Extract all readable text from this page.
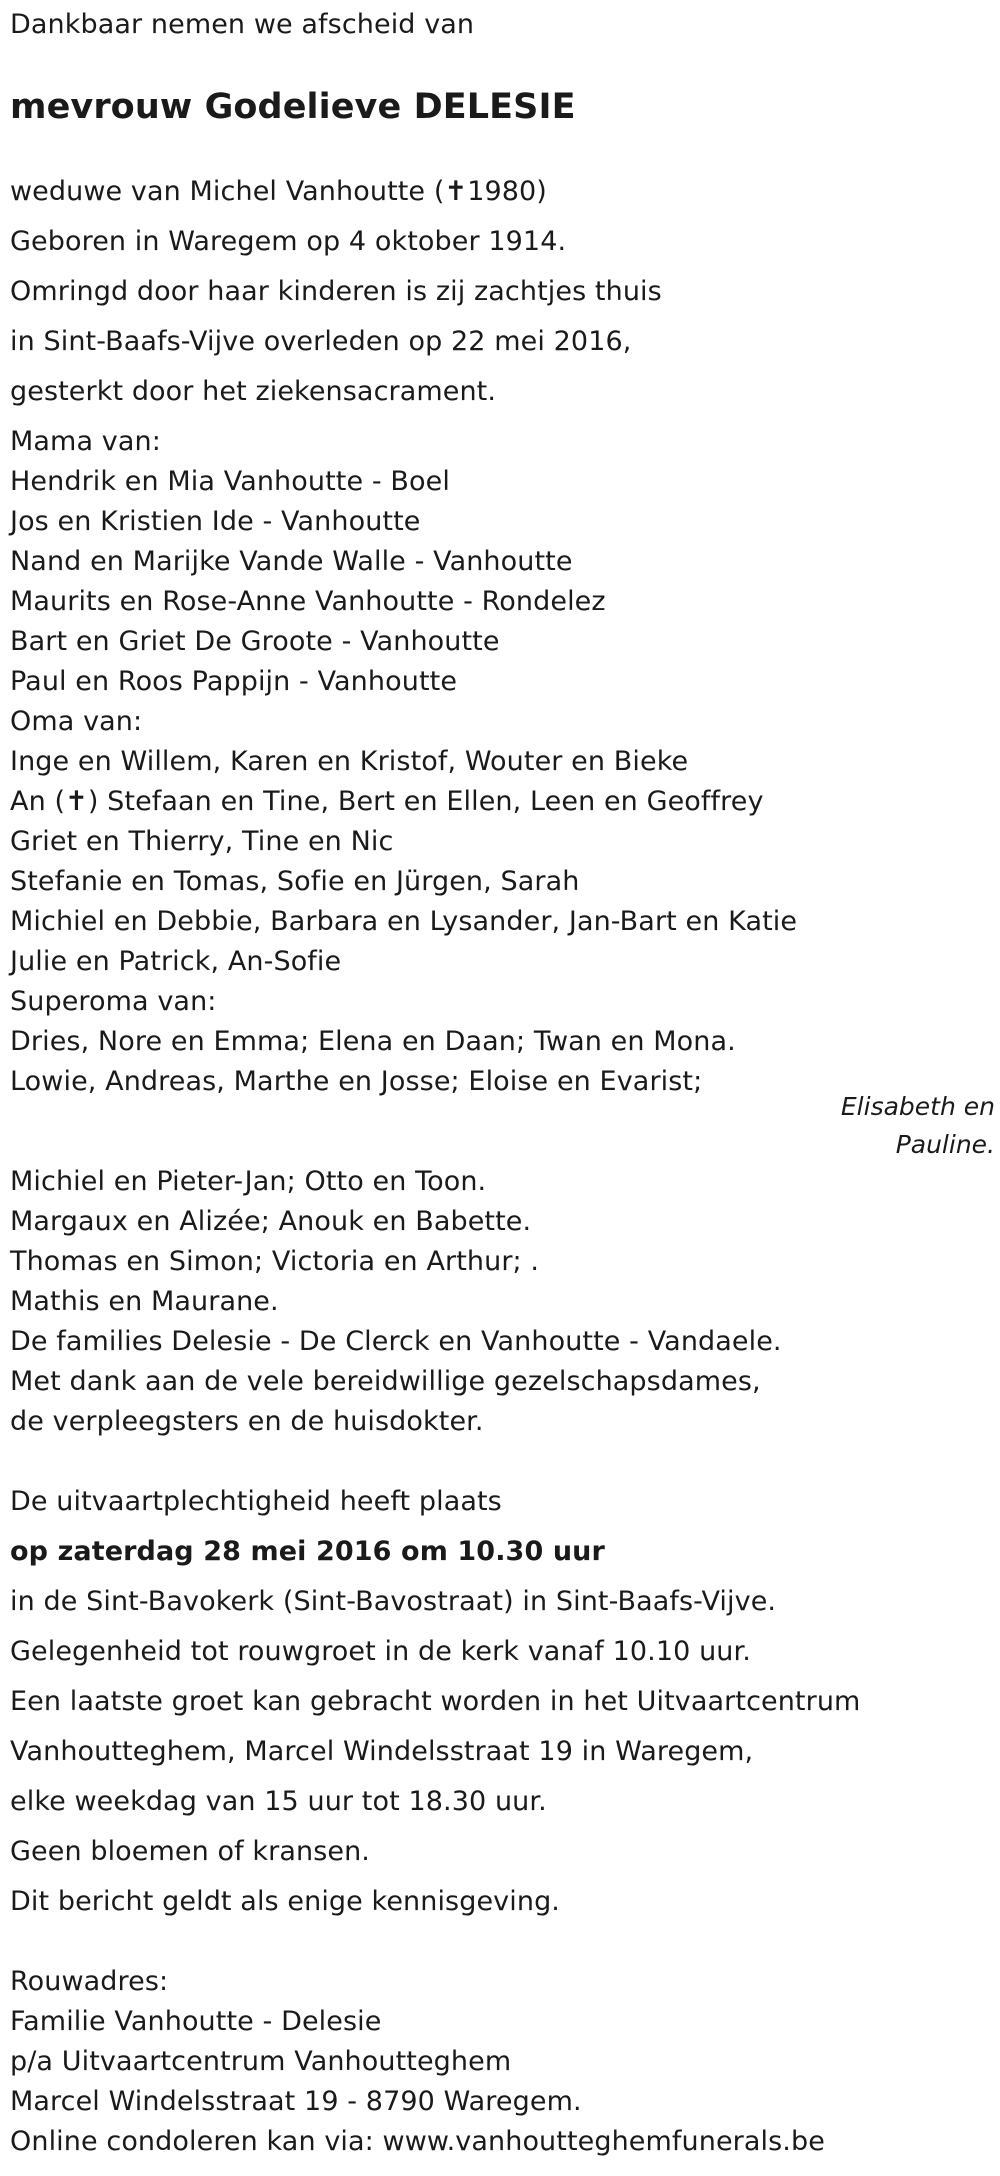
Dankbaar nemen we afscheid van
mevrouw Godelieve DELESIE
weduwe van Michel Vanhoutte (✝1980)
Geboren in Waregem op 4 oktober 1914.
Omringd door haar kinderen is zij zachtjes thuis
in Sint-Baafs-Vijve overleden op 22 mei 2016,
gesterkt door het ziekensacrament.
Mama van:
Hendrik en Mia Vanhoutte - Boel
Jos en Kristien Ide - Vanhoutte
Nand en Marijke Vande Walle - Vanhoutte
Maurits en Rose-Anne Vanhoutte - Rondelez
Bart en Griet De Groote - Vanhoutte
Paul en Roos Pappijn - Vanhoutte
Oma van:
Inge en Willem, Karen en Kristof, Wouter en Bieke
An (✝) Stefaan en Tine, Bert en Ellen, Leen en Geoffrey
Griet en Thierry, Tine en Nic
Stefanie en Tomas, Sofie en Jürgen, Sarah
Michiel en Debbie, Barbara en Lysander, Jan-Bart en Katie
Julie en Patrick, An-Sofie
Superoma van:
Dries, Nore en Emma; Elena en Daan; Twan en Mona.
Lowie, Andreas, Marthe en Josse; Eloise en Evarist;
Elisabeth en
Pauline.
Michiel en Pieter-Jan; Otto en Toon.
Margaux en Alizée; Anouk en Babette.
Thomas en Simon; Victoria en Arthur; .
Mathis en Maurane.
De families Delesie - De Clerck en Vanhoutte - Vandaele.
Met dank aan de vele bereidwillige gezelschapsdames,
de verpleegsters en de huisdokter.
De uitvaartplechtigheid heeft plaats
op zaterdag 28 mei 2016 om 10.30 uur
in de Sint-Bavokerk (Sint-Bavostraat) in Sint-Baafs-Vijve.
Gelegenheid tot rouwgroet in de kerk vanaf 10.10 uur.
Een laatste groet kan gebracht worden in het Uitvaartcentrum
Vanhoutteghem, Marcel Windelsstraat 19 in Waregem,
elke weekdag van 15 uur tot 18.30 uur.
Geen bloemen of kransen.
Dit bericht geldt als enige kennisgeving.
Rouwadres:
Familie Vanhoutte - Delesie
p/a Uitvaartcentrum Vanhoutteghem
Marcel Windelsstraat 19 - 8790 Waregem.
Online condoleren kan via: www.vanhoutteghemfunerals.be
